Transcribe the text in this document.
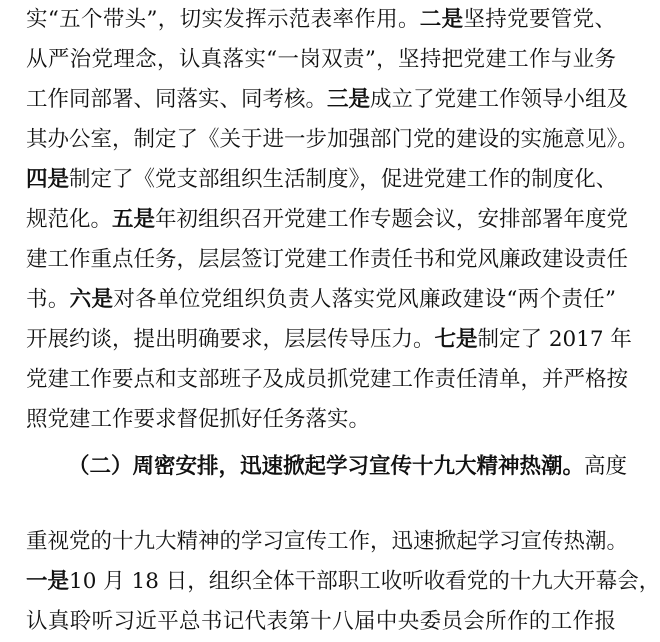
实“五个带头”，切实发挥示范表率作用。二是坚持党要管党、
从严治党理念，认真落实“一岗双责”，坚持把党建工作与业务
工作同部署、同落实、同考核。三是成立了党建工作领导小组及
其办公室，制定了《关于进一步加强部门党的建设的实施意见》。
四是制定了《党支部组织生活制度》，促进党建工作的制度化、
规范化。五是年初组织召开党建工作专题会议，安排部署年度党
建工作重点任务，层层签订党建工作责任书和党风廉政建设责任
书。六是对各单位党组织负责人落实党风廉政建设“两个责任”
开展约谈，提出明确要求，层层传导压力。七是制定了 2017 年
党建工作要点和支部班子及成员抓党建工作责任清单，并严格按
照党建工作要求督促抓好任务落实。
（二）周密安排，迅速掀起学习宣传十九大精神热潮。高度
重视党的十九大精神的学习宣传工作，迅速掀起学习宣传热潮。
一是10 月 18 日，组织全体干部职工收听收看党的十九大开幕会，
认真聆听习近平总书记代表第十八届中央委员会所作的工作报
